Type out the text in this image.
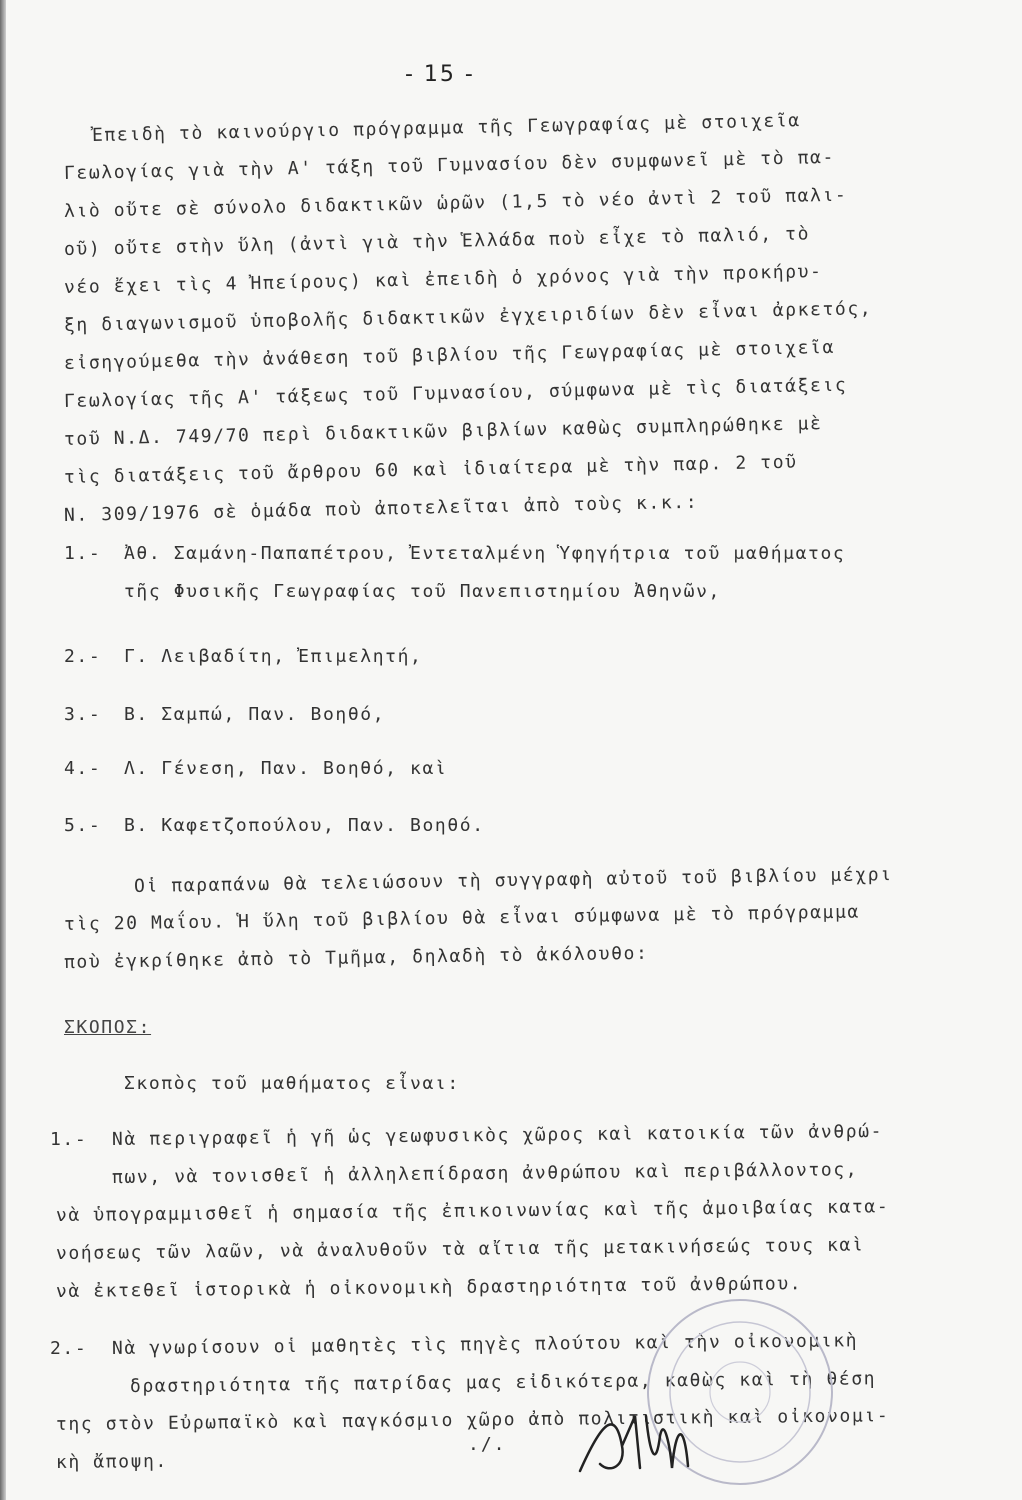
- 15 -
Ἐπειδὴ τὸ καινούργιο πρόγραμμα τῆς Γεωγραφίας μὲ στοιχεῖα
Γεωλογίας γιὰ τὴν Α' τάξη τοῦ Γυμνασίου δὲν συμφωνεῖ μὲ τὸ πα-
λιὸ οὔτε σὲ σύνολο διδακτικῶν ὡρῶν (1,5 τὸ νέο ἀντὶ 2 τοῦ παλι-
οῦ) οὔτε στὴν ὕλη (ἀντὶ γιὰ τὴν Ἑλλάδα ποὺ εἶχε τὸ παλιό, τὸ
νέο ἔχει τὶς 4 Ἠπείρους) καὶ ἐπειδὴ ὁ χρόνος γιὰ τὴν προκήρυ-
ξη διαγωνισμοῦ ὑποβολῆς διδακτικῶν ἐγχειριδίων δὲν εἶναι ἀρκετός,
εἰσηγούμεθα τὴν ἀνάθεση τοῦ βιβλίου τῆς Γεωγραφίας μὲ στοιχεῖα
Γεωλογίας τῆς Α' τάξεως τοῦ Γυμνασίου, σύμφωνα μὲ τὶς διατάξεις
τοῦ Ν.Δ. 749/70 περὶ διδακτικῶν βιβλίων καθὼς συμπληρώθηκε μὲ
τὶς διατάξεις τοῦ ἄρθρου 60 καὶ ἰδιαίτερα μὲ τὴν παρ. 2 τοῦ
Ν. 309/1976 σὲ ὁμάδα ποὺ ἀποτελεῖται ἀπὸ τοὺς κ.κ.:
1.- Ἀθ. Σαμάνη-Παπαπέτρου, Ἐντεταλμένη Ὑφηγήτρια τοῦ μαθήματος
τῆς Φυσικῆς Γεωγραφίας τοῦ Πανεπιστημίου Ἀθηνῶν,
2.- Γ. Λειβαδίτη, Ἐπιμελητή,
3.- Β. Σαμπώ, Παν. Βοηθό,
4.- Λ. Γένεση, Παν. Βοηθό, καὶ
5.- Β. Καφετζοπούλου, Παν. Βοηθό.
Οἱ παραπάνω θὰ τελειώσουν τὴ συγγραφὴ αὐτοῦ τοῦ βιβλίου μέχρι
τὶς 20 Μαΐου. Ἡ ὕλη τοῦ βιβλίου θὰ εἶναι σύμφωνα μὲ τὸ πρόγραμμα
ποὺ ἐγκρίθηκε ἀπὸ τὸ Τμῆμα, δηλαδὴ τὸ ἀκόλουθο:
ΣΚΟΠΟΣ:
Σκοπὸς τοῦ μαθήματος εἶναι:
1.- Νὰ περιγραφεῖ ἡ γῆ ὡς γεωφυσικὸς χῶρος καὶ κατοικία τῶν ἀνθρώ-
πων, νὰ τονισθεῖ ἡ ἀλληλεπίδραση ἀνθρώπου καὶ περιβάλλοντος,
νὰ ὑπογραμμισθεῖ ἡ σημασία τῆς ἐπικοινωνίας καὶ τῆς ἀμοιβαίας κατα-
νοήσεως τῶν λαῶν, νὰ ἀναλυθοῦν τὰ αἴτια τῆς μετακινήσεώς τους καὶ
νὰ ἐκτεθεῖ ἱστορικὰ ἡ οἰκονομικὴ δραστηριότητα τοῦ ἀνθρώπου.
2.- Νὰ γνωρίσουν οἱ μαθητὲς τὶς πηγὲς πλούτου καὶ τὴν οἰκονομικὴ
δραστηριότητα τῆς πατρίδας μας εἰδικότερα, καθὼς καὶ τὴ θέση
της στὸν Εὐρωπαϊκὸ καὶ παγκόσμιο χῶρο ἀπὸ πολιτιστικὴ καὶ οἰκονομι-
κὴ ἄποψη.
./.
